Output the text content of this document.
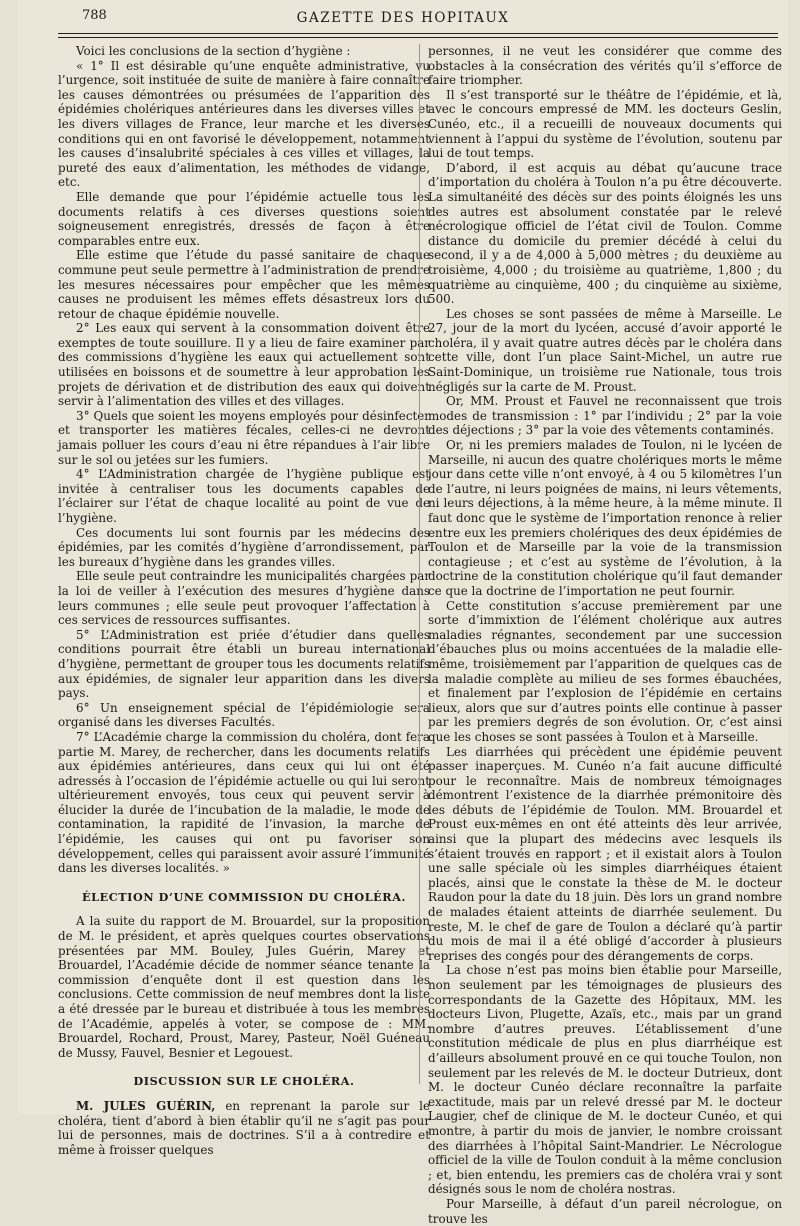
788	GAZETTE DES HOPITAUX

Voici les conclusions de la section d’hygiène :

« 1° Il est désirable qu’une enquête administrative, vu l’urgence, soit instituée de suite de manière à faire connaître les causes démontrées ou présumées de l’apparition des épidémies cholériques antérieures dans les diverses villes et les divers villages de France, leur marche et les diverses conditions qui en ont favorisé le développement, notamment les causes d’insalubrité spéciales à ces villes et villages, la pureté des eaux d’alimentation, les méthodes de vidange, etc.

Elle demande que pour l’épidémie actuelle tous les documents relatifs à ces diverses questions soient soigneusement enregistrés, dressés de façon à être comparables entre eux.

Elle estime que l’étude du passé sanitaire de chaque commune peut seule permettre à l’administration de prendre les mesures nécessaires pour empêcher que les mêmes causes ne produisent les mêmes effets désastreux lors du retour de chaque épidémie nouvelle.

2° Les eaux qui servent à la consommation doivent être exemptes de toute souillure. Il y a lieu de faire examiner par des commissions d’hygiène les eaux qui actuellement sont utilisées en boissons et de soumettre à leur approbation les projets de dérivation et de distribution des eaux qui doivent servir à l’alimentation des villes et des villages.

3° Quels que soient les moyens employés pour désinfecter et transporter les matières fécales, celles-ci ne devront jamais polluer les cours d’eau ni être répandues à l’air libre sur le sol ou jetées sur les fumiers.

4° L’Administration chargée de l’hygiène publique est invitée à centraliser tous les documents capables de l’éclairer sur l’état de chaque localité au point de vue de l’hygiène.

Ces documents lui sont fournis par les médecins des épidémies, par les comités d’hygiène d’arrondissement, par les bureaux d’hygiène dans les grandes villes.

Elle seule peut contraindre les municipalités chargées par la loi de veiller à l’exécution des mesures d’hygiène dans leurs communes ; elle seule peut provoquer l’affectation à ces services de ressources suffisantes.

5° L’Administration est priée d’étudier dans quelles conditions pourrait être établi un bureau international d’hygiène, permettant de grouper tous les documents relatifs aux épidémies, de signaler leur apparition dans les divers pays.

6° Un enseignement spécial de l’épidémiologie sera organisé dans les diverses Facultés.

7° L’Académie charge la commission du choléra, dont fera partie M. Marey, de rechercher, dans les documents relatifs aux épidémies antérieures, dans ceux qui lui ont été adressés à l’occasion de l’épidémie actuelle ou qui lui seront ultérieurement envoyés, tous ceux qui peuvent servir à élucider la durée de l’incubation de la maladie, le mode de contamination, la rapidité de l’invasion, la marche de l’épidémie, les causes qui ont pu favoriser son développement, celles qui paraissent avoir assuré l’immunité dans les diverses localités. »

ÉLECTION D’UNE COMMISSION DU CHOLÉRA.

A la suite du rapport de M. Brouardel, sur la proposition de M. le président, et après quelques courtes observations présentées par MM. Bouley, Jules Guérin, Marey et Brouardel, l’Académie décide de nommer séance tenante la commission d’enquête dont il est question dans les conclusions. Cette commission de neuf membres dont la liste a été dressée par le bureau et distribuée à tous les membres de l’Académie, appelés à voter, se compose de : MM. Brouardel, Rochard, Proust, Marey, Pasteur, Noël Guéneau de Mussy, Fauvel, Besnier et Legouest.

DISCUSSION SUR LE CHOLÉRA.

M. JULES GUÉRIN, en reprenant la parole sur le choléra, tient d’abord à bien établir qu’il ne s’agit pas pour lui de personnes, mais de doctrines. S’il a à contredire et même à froisser quelques

personnes, il ne veut les considérer que comme des obstacles à la consécration des vérités qu’il s’efforce de faire triompher.

Il s’est transporté sur le théâtre de l’épidémie, et là, avec le concours empressé de MM. les docteurs Geslin, Cunéo, etc., il a recueilli de nouveaux documents qui viennent à l’appui du système de l’évolution, soutenu par lui de tout temps.

D’abord, il est acquis au débat qu’aucune trace d’importation du choléra à Toulon n’a pu être découverte. La simultanéité des décès sur des points éloignés les uns des autres est absolument constatée par le relevé nécrologique officiel de l’état civil de Toulon. Comme distance du domicile du premier décédé à celui du second, il y a de 4,000 à 5,000 mètres ; du deuxième au troisième, 4,000 ; du troisième au quatrième, 1,800 ; du quatrième au cinquième, 400 ; du cinquième au sixième, 500.

Les choses se sont passées de même à Marseille. Le 27, jour de la mort du lycéen, accusé d’avoir apporté le choléra, il y avait quatre autres décès par le choléra dans cette ville, dont l’un place Saint-Michel, un autre rue Saint-Dominique, un troisième rue Nationale, tous trois négligés sur la carte de M. Proust.

Or, MM. Proust et Fauvel ne reconnaissent que trois modes de transmission : 1° par l’individu ; 2° par la voie des déjections ; 3° par la voie des vêtements contaminés.

Or, ni les premiers malades de Toulon, ni le lycéen de Marseille, ni aucun des quatre cholériques morts le même jour dans cette ville n’ont envoyé, à 4 ou 5 kilomètres l’un de l’autre, ni leurs poignées de mains, ni leurs vêtements, ni leurs déjections, à la même heure, à la même minute. Il faut donc que le système de l’importation renonce à relier entre eux les premiers cholériques des deux épidémies de Toulon et de Marseille par la voie de la transmission contagieuse ; et c’est au système de l’évolution, à la doctrine de la constitution cholérique qu’il faut demander ce que la doctrine de l’importation ne peut fournir.

Cette constitution s’accuse premièrement par une sorte d’immixtion de l’élément cholérique aux autres maladies régnantes, secondement par une succession d’ébauches plus ou moins accentuées de la maladie elle-même, troisièmement par l’apparition de quelques cas de la maladie complète au milieu de ses formes ébauchées, et finalement par l’explosion de l’épidémie en certains lieux, alors que sur d’autres points elle continue à passer par les premiers degrés de son évolution. Or, c’est ainsi que les choses se sont passées à Toulon et à Marseille.

Les diarrhées qui précèdent une épidémie peuvent passer inaperçues. M. Cunéo n’a fait aucune difficulté pour le reconnaître. Mais de nombreux témoignages démontrent l’existence de la diarrhée prémonitoire dès les débuts de l’épidémie de Toulon. MM. Brouardel et Proust eux-mêmes en ont été atteints dès leur arrivée, ainsi que la plupart des médecins avec lesquels ils s’étaient trouvés en rapport ; et il existait alors à Toulon une salle spéciale où les simples diarrhéiques étaient placés, ainsi que le constate la thèse de M. le docteur Raudon pour la date du 18 juin. Dès lors un grand nombre de malades étaient atteints de diarrhée seulement. Du reste, M. le chef de gare de Toulon a déclaré qu’à partir du mois de mai il a été obligé d’accorder à plusieurs reprises des congés pour des dérangements de corps.

La chose n’est pas moins bien établie pour Marseille, non seulement par les témoignages de plusieurs des correspondants de la Gazette des Hôpitaux, MM. les docteurs Livon, Plugette, Azaïs, etc., mais par un grand nombre d’autres preuves. L’établissement d’une constitution médicale de plus en plus diarrhéique est d’ailleurs absolument prouvé en ce qui touche Toulon, non seulement par les relevés de M. le docteur Dutrieux, dont M. le docteur Cunéo déclare reconnaître la parfaite exactitude, mais par un relevé dressé par M. le docteur Laugier, chef de clinique de M. le docteur Cunéo, et qui montre, à partir du mois de janvier, le nombre croissant des diarrhées à l’hôpital Saint-Mandrier. Le Nécrologue officiel de la ville de Toulon conduit à la même conclusion ; et, bien entendu, les premiers cas de choléra vrai y sont désignés sous le nom de choléra nostras.

Pour Marseille, à défaut d’un pareil nécrologue, on trouve les
